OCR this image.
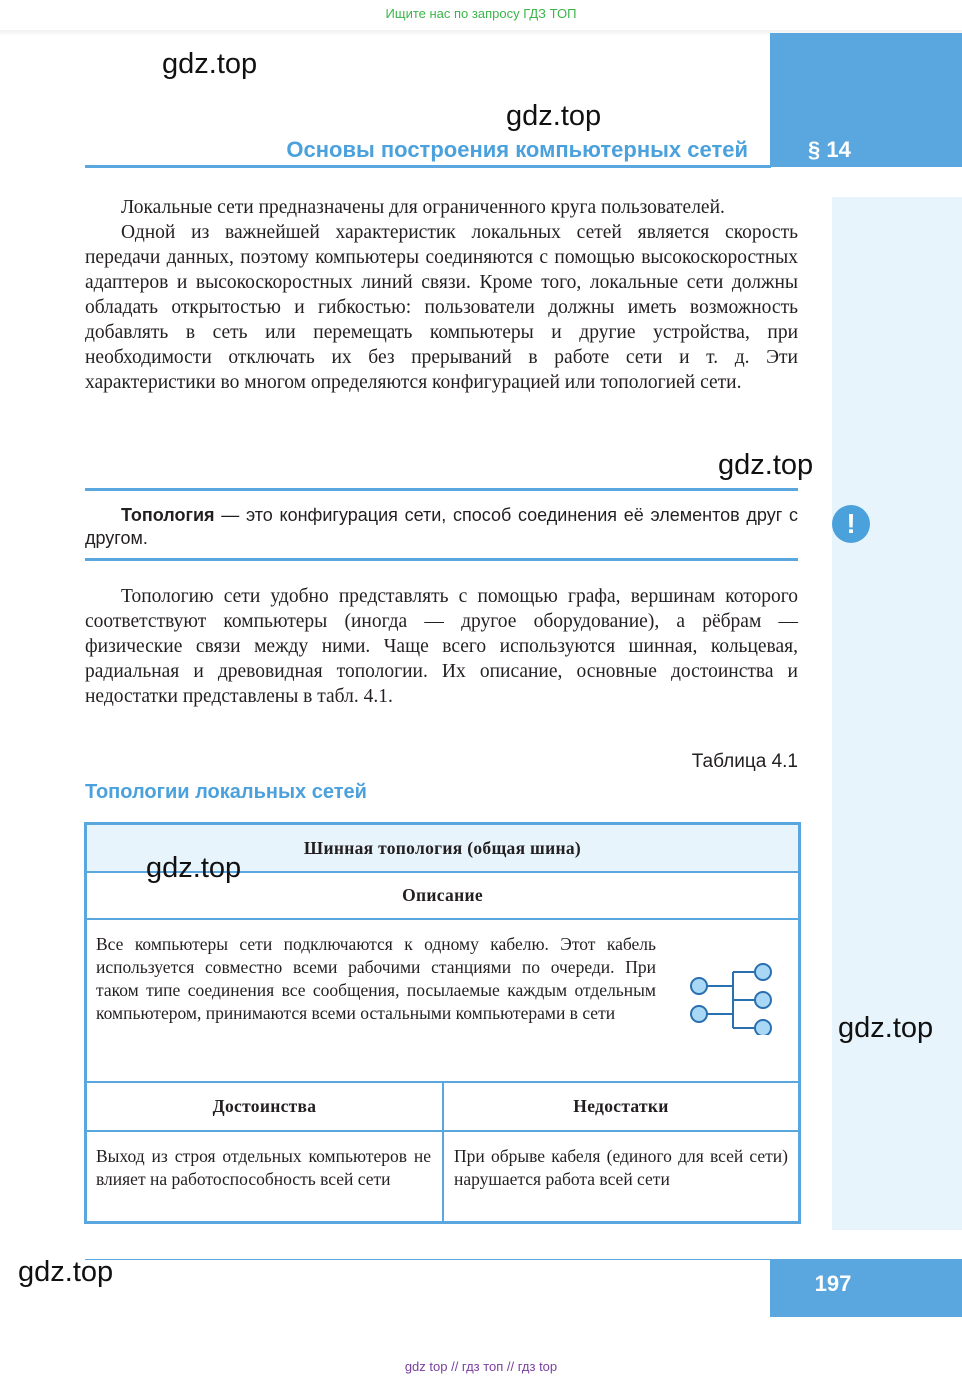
Ищите нас по запросу ГДЗ ТОП
§ 14
Основы построения компьютерных сетей

Локальные сети предназначены для ограниченного круга пользователей.

Одной из важнейшей характеристик локальных сетей является скорость передачи данных, поэтому компьютеры соединяются с помощью высокоскоростных адаптеров и высокоскоростных линий связи. Кроме того, локальные сети должны обладать открытостью и гибкостью: пользователи должны иметь возможность добавлять в сеть или перемещать компьютеры и другие устройства, при необходимости отключать их без прерываний в работе сети и т. д. Эти характеристики во многом определяются конфигурацией или топологией сети.

Топология — это конфигурация сети, способ соединения её элементов друг с другом.	!

Топологию сети удобно представлять с помощью графа, вершинам которого соответствуют компьютеры (иногда — другое оборудование), а рёбрам — физические связи между ними. Чаще всего используются шинная, кольцевая, радиальная и древовидная топологии. Их описание, основные достоинства и недостатки представлены в табл. 4.1.

Таблица 4.1
Топологии локальных сетей
Шинная топология (общая шина)
Описание
Все компьютеры сети подключаются к одному кабелю. Этот кабель используется совместно всеми рабочими станциями по очереди. При таком типе соединения все сообщения, посылаемые каждым отдельным компьютером, принимаются всеми остальными компьютерами в сети
Достоинства	Недостатки
Выход из строя отдельных компьютеров не влияет на работоспособность всей сети
При обрыве кабеля (единого для всей сети) нарушается работа всей сети
197
gdz.top
gdz.top
gdz.top
gdz.top
gdz.top
gdz.top
gdz top // гдз топ // гдз top
